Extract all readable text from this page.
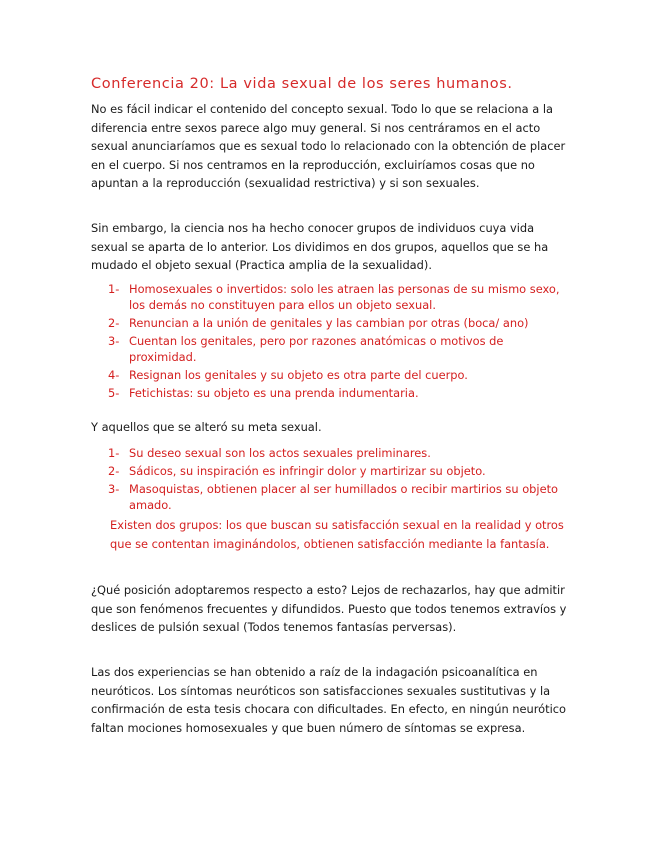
Conferencia 20: La vida sexual de los seres humanos.

No es fácil indicar el contenido del concepto sexual. Todo lo que se relaciona a la diferencia entre sexos parece algo muy general. Si nos centráramos en el acto sexual anunciaríamos que es sexual todo lo relacionado con la obtención de placer en el cuerpo. Si nos centramos en la reproducción, excluiríamos cosas que no apuntan a la reproducción (sexualidad restrictiva) y si son sexuales.

Sin embargo, la ciencia nos ha hecho conocer grupos de individuos cuya vida sexual se aparta de lo anterior. Los dividimos en dos grupos, aquellos que se ha mudado el objeto sexual (Practica amplia de la sexualidad).

1- Homosexuales o invertidos: solo les atraen las personas de su mismo sexo, los demás no constituyen para ellos un objeto sexual.
2- Renuncian a la unión de genitales y las cambian por otras (boca/ ano)
3- Cuentan los genitales, pero por razones anatómicas o motivos de proximidad.
4- Resignan los genitales y su objeto es otra parte del cuerpo.
5- Fetichistas: su objeto es una prenda indumentaria.

Y aquellos que se alteró su meta sexual.

1- Su deseo sexual son los actos sexuales preliminares.
2- Sádicos, su inspiración es infringir dolor y martirizar su objeto.
3- Masoquistas, obtienen placer al ser humillados o recibir martirios su objeto amado.

Existen dos grupos: los que buscan su satisfacción sexual en la realidad y otros que se contentan imaginándolos, obtienen satisfacción mediante la fantasía.

¿Qué posición adoptaremos respecto a esto? Lejos de rechazarlos, hay que admitir que son fenómenos frecuentes y difundidos. Puesto que todos tenemos extravíos y deslices de pulsión sexual (Todos tenemos fantasías perversas).

Las dos experiencias se han obtenido a raíz de la indagación psicoanalítica en neuróticos. Los síntomas neuróticos son satisfacciones sexuales sustitutivas y la confirmación de esta tesis chocara con dificultades. En efecto, en ningún neurótico faltan mociones homosexuales y que buen número de síntomas se expresa.
